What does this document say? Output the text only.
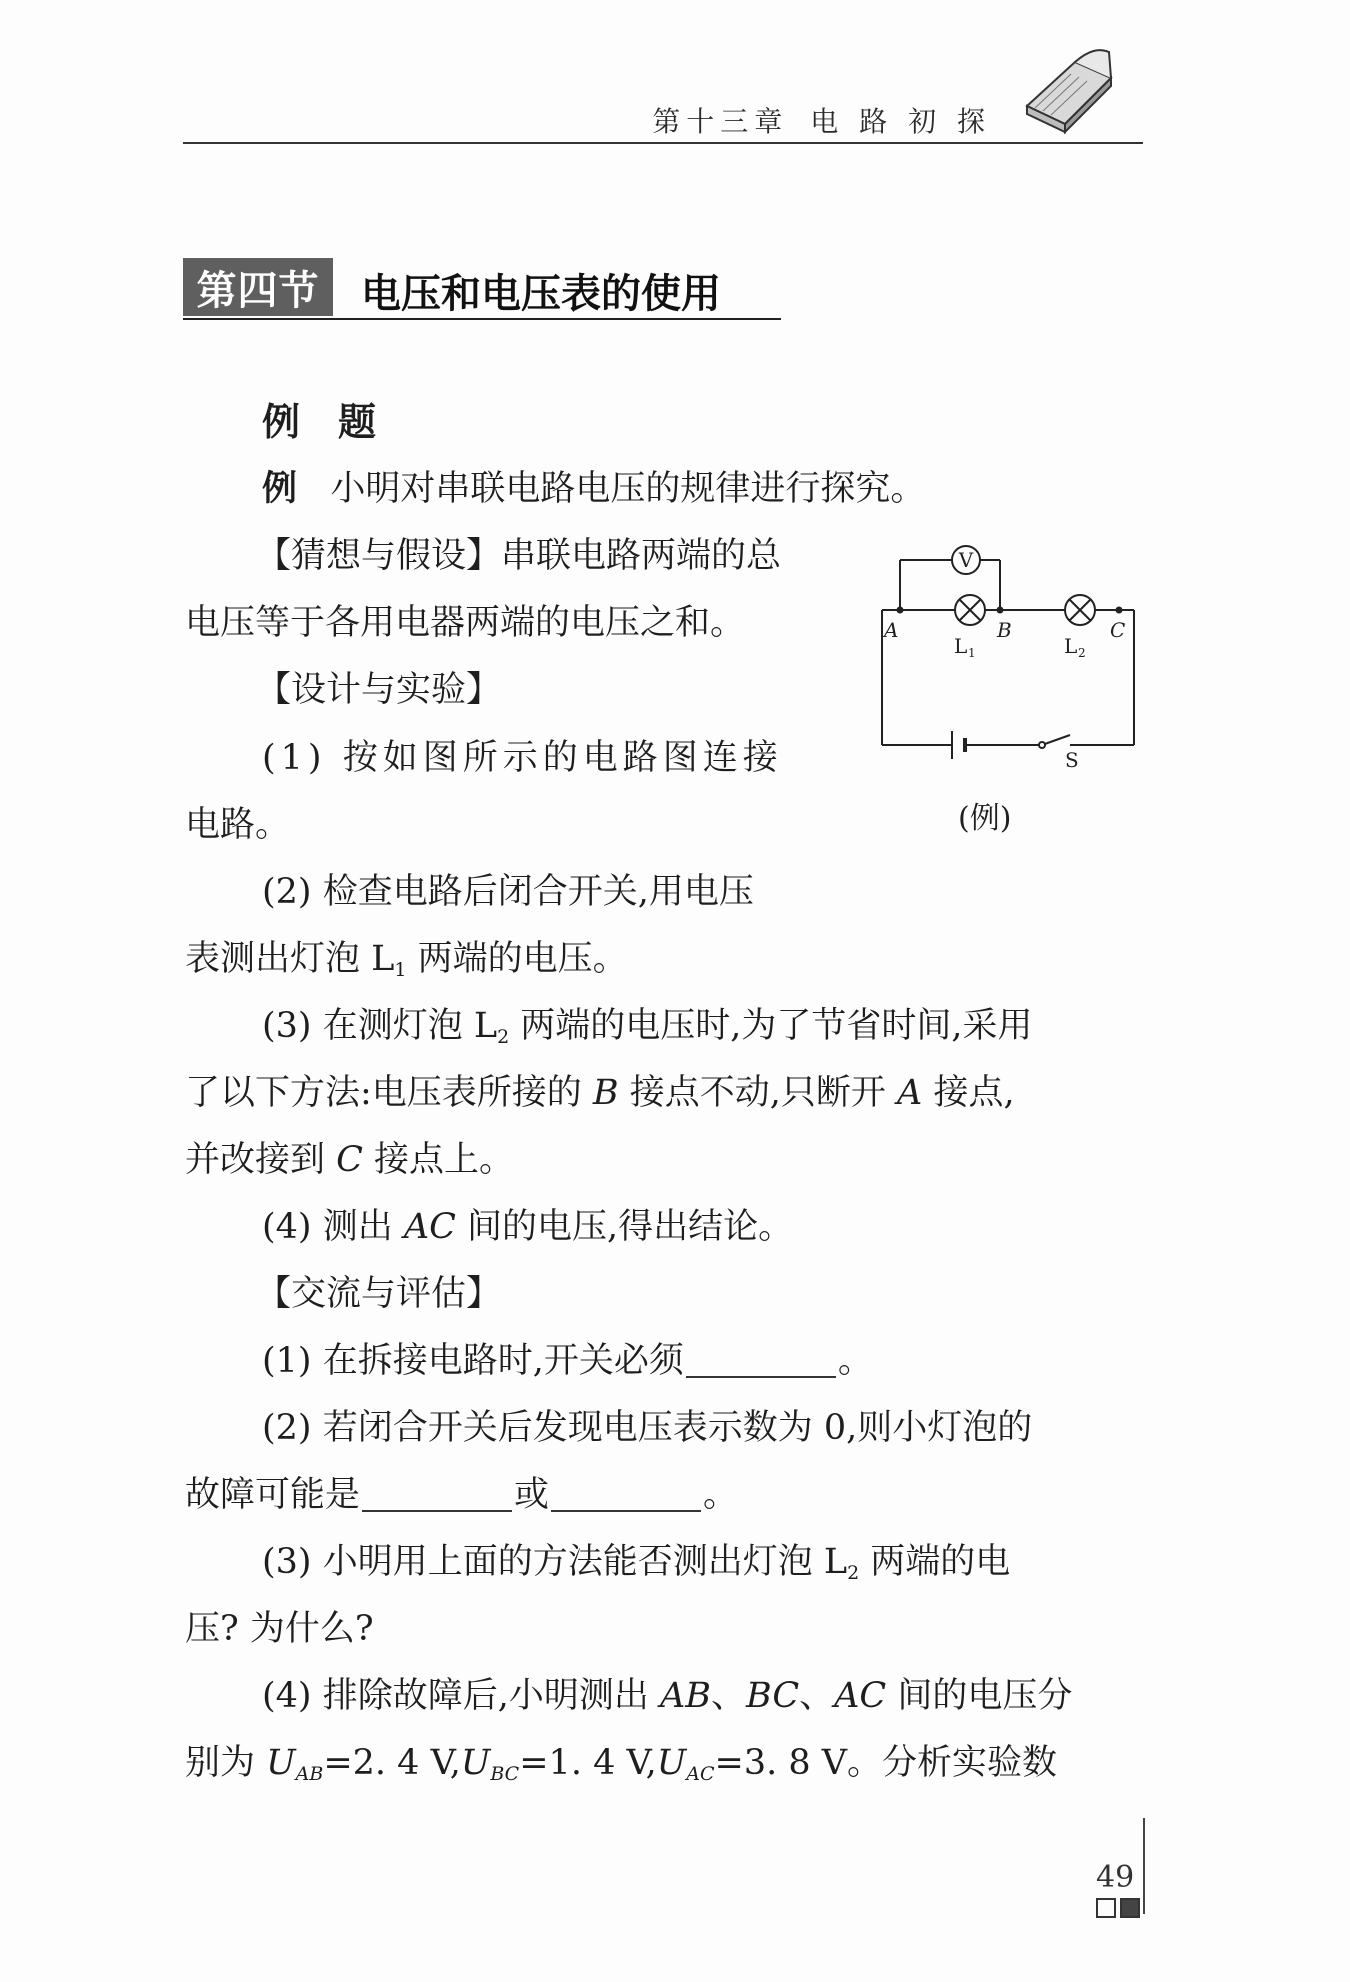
第十三章 电 路 初 探
第四节	电压和电压表的使用
例　题
例 小明对串联电路电压的规律进行探究。
【猜想与假设】串联电路两端的总
电压等于各用电器两端的电压之和。
【设计与实验】
(1) 按如图所示的电路图连接
电路。
(2) 检查电路后闭合开关,用电压
表测出灯泡 $L_1$ 两端的电压。
(3) 在测灯泡 $L_2$ 两端的电压时,为了节省时间,采用
了以下方法:电压表所接的 B 接点不动,只断开 A 接点,
并改接到 C 接点上。
(4) 测出 AC 间的电压,得出结论。
【交流与评估】
(1) 在拆接电路时,开关必须	。
(2) 若闭合开关后发现电压表示数为 0,则小灯泡的
故障可能是	或	。
(3) 小明用上面的方法能否测出灯泡 $L_2$ 两端的电
压? 为什么?
(4) 排除故障后,小明测出 AB、BC、AC 间的电压分
别为 $U_{AB}=2$. 4 $V,U_{BC}=1$. 4 $V,U_{AC}=3$. 8 V。分析实验数
V
A	B	C
L 1	L 2
S
(例)
49
